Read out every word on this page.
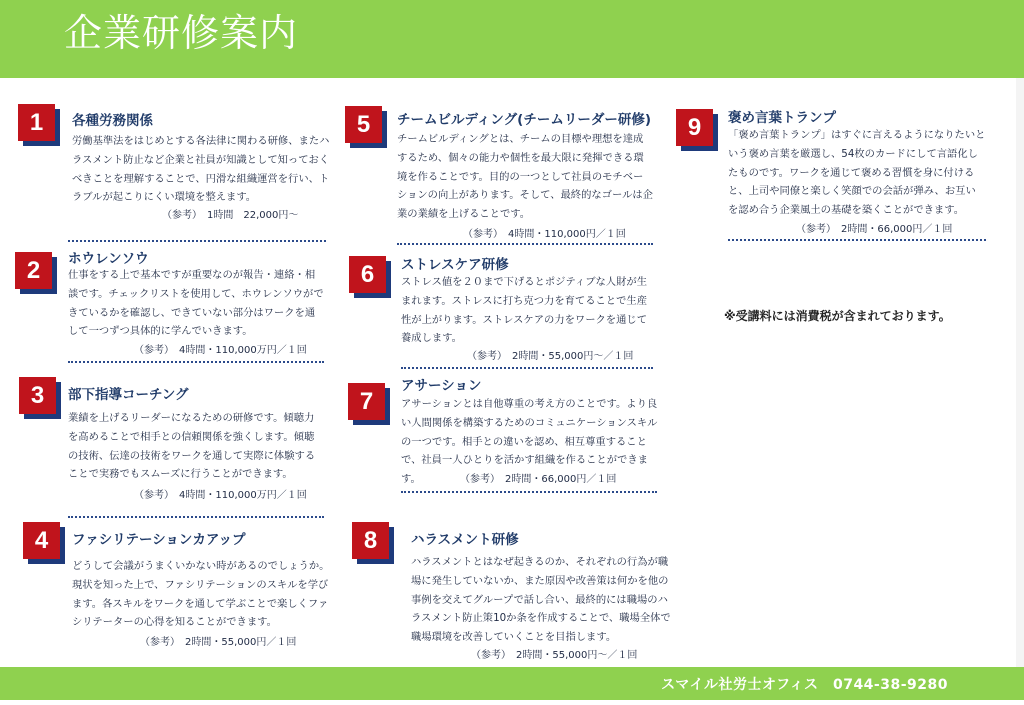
企業研修案内
1	各種労務関係
労働基準法をはじめとする各法律に関わる研修、またハラスメント防止など企業と社員が知識として知っておくべきことを理解することで、円滑な組織運営を行い、トラブルが起こりにくい環境を整えます。
（参考）　1時間　22,000円～
2	ホウレンソウ
仕事をする上で基本ですが重要なのが報告・連絡・相談です。チェックリストを使用して、ホウレンソウができているかを確認し、できていない部分はワークを通して一つずつ具体的に学んでいきます。
（参考）　4時間・110,000万円／１回
3	部下指導コーチング
業績を上げるリーダーになるための研修です。傾聴力を高めることで相手との信頼関係を強くします。傾聴の技術、伝達の技術をワークを通して実際に体験することで実務でもスムーズに行うことができます。
（参考）　4時間・110,000万円／１回
4	ファシリテーションカアップ
どうして会議がうまくいかない時があるのでしょうか。現状を知った上で、ファシリテーションのスキルを学びます。各スキルをワークを通して学ぶことで楽しくファシリテーターの心得を知ることができます。
（参考）　2時間・55,000円／１回
5	チームビルディング(チームリーダー研修)
チームビルディングとは、チームの目標や理想を達成するため、個々の能力や個性を最大限に発揮できる環境を作ることです。目的の一つとして社員のモチベーションの向上があります。そして、最終的なゴールは企業の業績を上げることです。
（参考）　4時間・110,000円／１回
6	ストレスケア研修
ストレス値を２０まで下げるとポジティブな人財が生まれます。ストレスに打ち克つ力を育てることで生産性が上がります。ストレスケアの力をワークを通じて養成します。
（参考）　2時間・55,000円～／１回
7
アサーション
アサーションとは自他尊重の考え方のことです。より良い人間関係を構築するためのコミュニケーションスキルの一つです。相手との違いを認め、相互尊重することで、社員一人ひとりを活かす組織を作ることができます。	（参考）　2時間・66,000円／１回
8	ハラスメント研修
ハラスメントとはなぜ起きるのか、それぞれの行為が職場に発生していないか、また原因や改善策は何かを他の事例を交えてグループで話し合い、最終的には職場のハラスメント防止策10か条を作成することで、職場全体で職場環境を改善していくことを目指します。
（参考）　2時間・55,000円～／１回
9	褒め言葉トランプ
「褒め言葉トランプ」はすぐに言えるようになりたいという褒め言葉を厳選し、54枚のカードにして言語化したものです。ワークを通じて褒める習慣を身に付けると、上司や同僚と楽しく笑顔での会話が弾み、お互いを認め合う企業風土の基礎を築くことができます。
（参考）　2時間・66,000円／１回
※受講料には消費税が含まれております。
スマイル社労士オフィス　0744-38-9280
